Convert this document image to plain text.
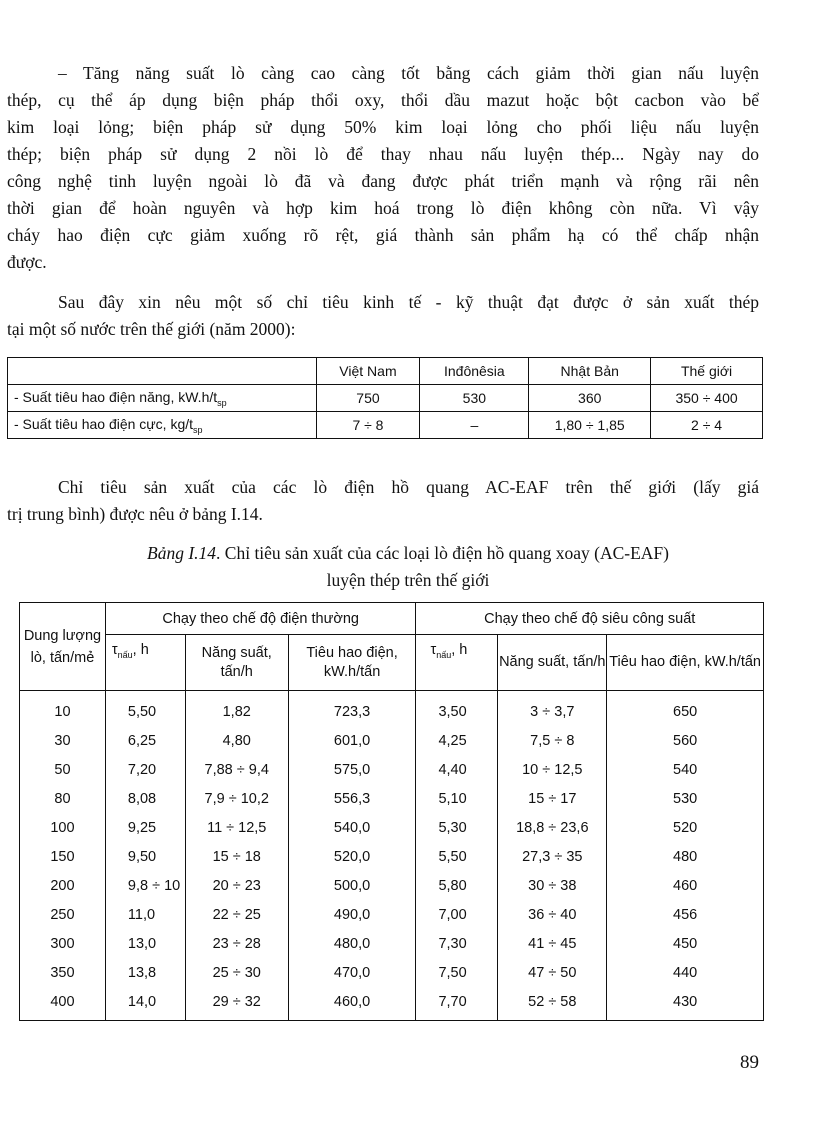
– Tăng năng suất lò càng cao càng tốt bằng cách giảm thời gian nấu luyện
thép, cụ thể áp dụng biện pháp thổi oxy, thổi dầu mazut hoặc bột cacbon vào bể
kim loại lỏng; biện pháp sử dụng 50% kim loại lỏng cho phối liệu nấu luyện
thép; biện pháp sử dụng 2 nồi lò để thay nhau nấu luyện thép... Ngày nay do
công nghệ tinh luyện ngoài lò đã và đang được phát triển mạnh và rộng rãi nên
thời gian để hoàn nguyên và hợp kim hoá trong lò điện không còn nữa. Vì vậy
cháy hao điện cực giảm xuống rõ rệt, giá thành sản phẩm hạ có thể chấp nhận
được.
Sau đây xin nêu một số chỉ tiêu kinh tế - kỹ thuật đạt được ở sản xuất thép
tại một số nước trên thế giới (năm 2000):
	Việt Nam	Inđônêsia	Nhật Bản	Thế giới
- Suất tiêu hao điện năng, $kW.h/t_{sp}$	750	530	360	350 ÷ 400
- Suất tiêu hao điện cực, $kg/t_{sp}$	7 ÷ 8	–	1,80 ÷ 1,85	2 ÷ 4
Chỉ tiêu sản xuất của các lò điện hồ quang AC-EAF trên thế giới (lấy giá
trị trung bình) được nêu ở bảng I.14.
Bảng I.14. Chỉ tiêu sản xuất của các loại lò điện hồ quang xoay (AC-EAF)
luyện thép trên thế giới
Dung lượng lò, tấn/mẻ	Chạy theo chế độ điện thường			Chạy theo chế độ siêu công suất		
	$\tau_{nấu}$, h	Năng suất, tấn/h	Tiêu hao điện, kW.h/tấn	$\tau_{nấu}$, h	Năng suất, tấn/h	Tiêu hao điện, kW.h/tấn
10	5,50	1,82	723,3	3,50	3 ÷ 3,7	650
30	6,25	4,80	601,0	4,25	7,5 ÷ 8	560
50	7,20	7,88 ÷ 9,4	575,0	4,40	10 ÷ 12,5	540
80	8,08	7,9 ÷ 10,2	556,3	5,10	15 ÷ 17	530
100	9,25	11 ÷ 12,5	540,0	5,30	18,8 ÷ 23,6	520
150	9,50	15 ÷ 18	520,0	5,50	27,3 ÷ 35	480
200	9,8 ÷ 10	20 ÷ 23	500,0	5,80	30 ÷ 38	460
250	11,0	22 ÷ 25	490,0	7,00	36 ÷ 40	456
300	13,0	23 ÷ 28	480,0	7,30	41 ÷ 45	450
350	13,8	25 ÷ 30	470,0	7,50	47 ÷ 50	440
400	14,0	29 ÷ 32	460,0	7,70	52 ÷ 58	430
89
